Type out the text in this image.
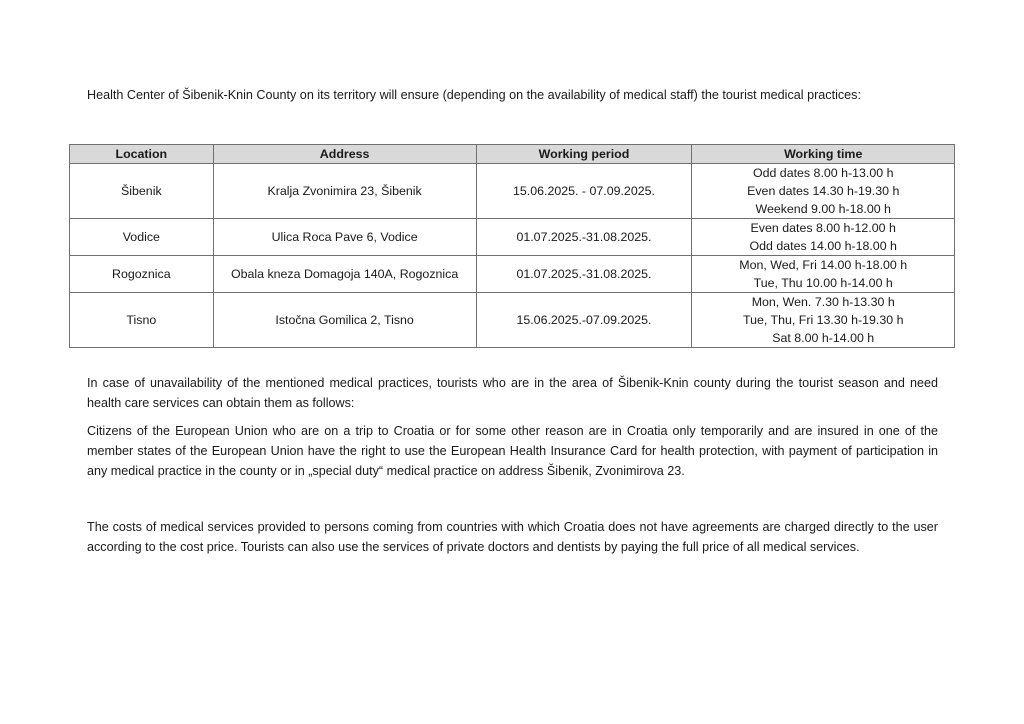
Health Center of Šibenik-Knin County on its territory will ensure (depending on the availability of medical staff) the tourist medical practices:
Location	Address	Working period	Working time
Šibenik	Kralja Zvonimira 23, Šibenik	15.06.2025. - 07.09.2025.	Odd dates 8.00 h-13.00 h
Even dates 14.30 h-19.30 h
Weekend 9.00 h-18.00 h

Vodice	Ulica Roca Pave 6, Vodice	01.07.2025.-31.08.2025.	Even dates 8.00 h-12.00 h
Odd dates 14.00 h-18.00 h

Rogoznica	Obala kneza Domagoja 140A, Rogoznica	01.07.2025.-31.08.2025.	Mon, Wed, Fri 14.00 h-18.00 h
Tue, Thu 10.00 h-14.00 h

Tisno	Istočna Gomilica 2, Tisno	15.06.2025.-07.09.2025.	Mon, Wen. 7.30 h-13.30 h
Tue, Thu, Fri 13.30 h-19.30 h
Sat 8.00 h-14.00 h
In case of unavailability of the mentioned medical practices, tourists who are in the area of Šibenik-Knin county during the tourist season and need health care services can obtain them as follows:
Citizens of the European Union who are on a trip to Croatia or for some other reason are in Croatia only temporarily and are insured in one of the member states of the European Union have the right to use the European Health Insurance Card for health protection, with payment of participation in any medical practice in the county or in „special duty“ medical practice on address Šibenik, Zvonimirova 23.
The costs of medical services provided to persons coming from countries with which Croatia does not have agreements are charged directly to the user according to the cost price. Tourists can also use the services of private doctors and dentists by paying the full price of all medical services.
